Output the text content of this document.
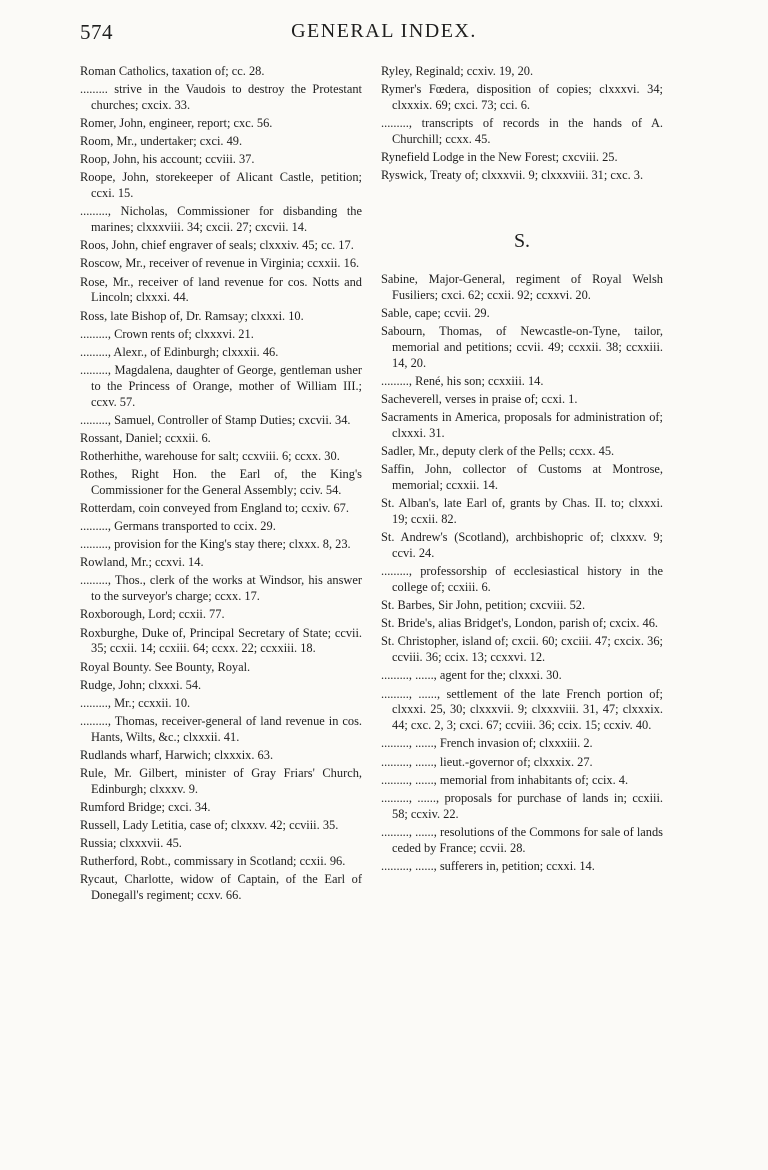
574	GENERAL INDEX.

Roman Catholics, taxation of; cc. 28.

......... strive in the Vaudois to destroy the Protestant churches; cxcix. 33.

Romer, John, engineer, report; cxc. 56.

Room, Mr., undertaker; cxci. 49.

Roop, John, his account; ccviii. 37.

Roope, John, storekeeper of Alicant Castle, petition; ccxi. 15.

........., Nicholas, Commissioner for disbanding the marines; clxxxviii. 34; cxcii. 27; cxcvii. 14.

Roos, John, chief engraver of seals; clxxxiv. 45; cc. 17.

Roscow, Mr., receiver of revenue in Virginia; ccxxii. 16.

Rose, Mr., receiver of land revenue for cos. Notts and Lincoln; clxxxi. 44.

Ross, late Bishop of, Dr. Ramsay; clxxxi. 10.

........., Crown rents of; clxxxvi. 21.

........., Alexr., of Edinburgh; clxxxii. 46.

........., Magdalena, daughter of George, gentleman usher to the Princess of Orange, mother of William III.; ccxv. 57.

........., Samuel, Controller of Stamp Duties; cxcvii. 34.

Rossant, Daniel; ccxxii. 6.

Rotherhithe, warehouse for salt; ccxviii. 6; ccxx. 30.

Rothes, Right Hon. the Earl of, the King's Commissioner for the General Assembly; cciv. 54.

Rotterdam, coin conveyed from England to; ccxiv. 67.

........., Germans transported to ccix. 29.

........., provision for the King's stay there; clxxx. 8, 23.

Rowland, Mr.; ccxvi. 14.

........., Thos., clerk of the works at Windsor, his answer to the surveyor's charge; ccxx. 17.

Roxborough, Lord; ccxii. 77.

Roxburghe, Duke of, Principal Secretary of State; ccvii. 35; ccxii. 14; ccxiii. 64; ccxx. 22; ccxxiii. 18.

Royal Bounty. See Bounty, Royal.

Rudge, John; clxxxi. 54.

........., Mr.; ccxxii. 10.

........., Thomas, receiver-general of land revenue in cos. Hants, Wilts, &c.; clxxxii. 41.

Rudlands wharf, Harwich; clxxxix. 63.

Rule, Mr. Gilbert, minister of Gray Friars' Church, Edinburgh; clxxxv. 9.

Rumford Bridge; cxci. 34.

Russell, Lady Letitia, case of; clxxxv. 42; ccviii. 35.

Russia; clxxxvii. 45.

Rutherford, Robt., commissary in Scotland; ccxii. 96.

Rycaut, Charlotte, widow of Captain, of the Earl of Donegall's regiment; ccxv. 66.

Ryley, Reginald; ccxiv. 19, 20.

Rymer's Fœdera, disposition of copies; clxxxvi. 34; clxxxix. 69; cxci. 73; cci. 6.

........., transcripts of records in the hands of A. Churchill; ccxx. 45.

Rynefield Lodge in the New Forest; cxcviii. 25.

Ryswick, Treaty of; clxxxvii. 9; clxxxviii. 31; cxc. 3.

S.

Sabine, Major-General, regiment of Royal Welsh Fusiliers; cxci. 62; ccxii. 92; ccxxvi. 20.

Sable, cape; ccvii. 29.

Sabourn, Thomas, of Newcastle-on-Tyne, tailor, memorial and petitions; ccvii. 49; ccxxii. 38; ccxxiii. 14, 20.

........., René, his son; ccxxiii. 14.

Sacheverell, verses in praise of; ccxi. 1.

Sacraments in America, proposals for administration of; clxxxi. 31.

Sadler, Mr., deputy clerk of the Pells; ccxx. 45.

Saffin, John, collector of Customs at Montrose, memorial; ccxxii. 14.

St. Alban's, late Earl of, grants by Chas. II. to; clxxxi. 19; ccxii. 82.

St. Andrew's (Scotland), archbishopric of; clxxxv. 9; ccvi. 24.

........., professorship of ecclesiastical history in the college of; ccxiii. 6.

St. Barbes, Sir John, petition; cxcviii. 52.

St. Bride's, alias Bridget's, London, parish of; cxcix. 46.

St. Christopher, island of; cxcii. 60; cxciii. 47; cxcix. 36; ccviii. 36; ccix. 13; ccxxvi. 12.

........., ......, agent for the; clxxxi. 30.

........., ......, settlement of the late French portion of; clxxxi. 25, 30; clxxxvii. 9; clxxxviii. 31, 47; clxxxix. 44; cxc. 2, 3; cxci. 67; ccviii. 36; ccix. 15; ccxiv. 40.

........., ......, French invasion of; clxxxiii. 2.

........., ......, lieut.-governor of; clxxxix. 27.

........., ......, memorial from inhabitants of; ccix. 4.

........., ......, proposals for purchase of lands in; ccxiii. 58; ccxiv. 22.

........., ......, resolutions of the Commons for sale of lands ceded by France; ccvii. 28.

........., ......, sufferers in, petition; ccxxi. 14.
